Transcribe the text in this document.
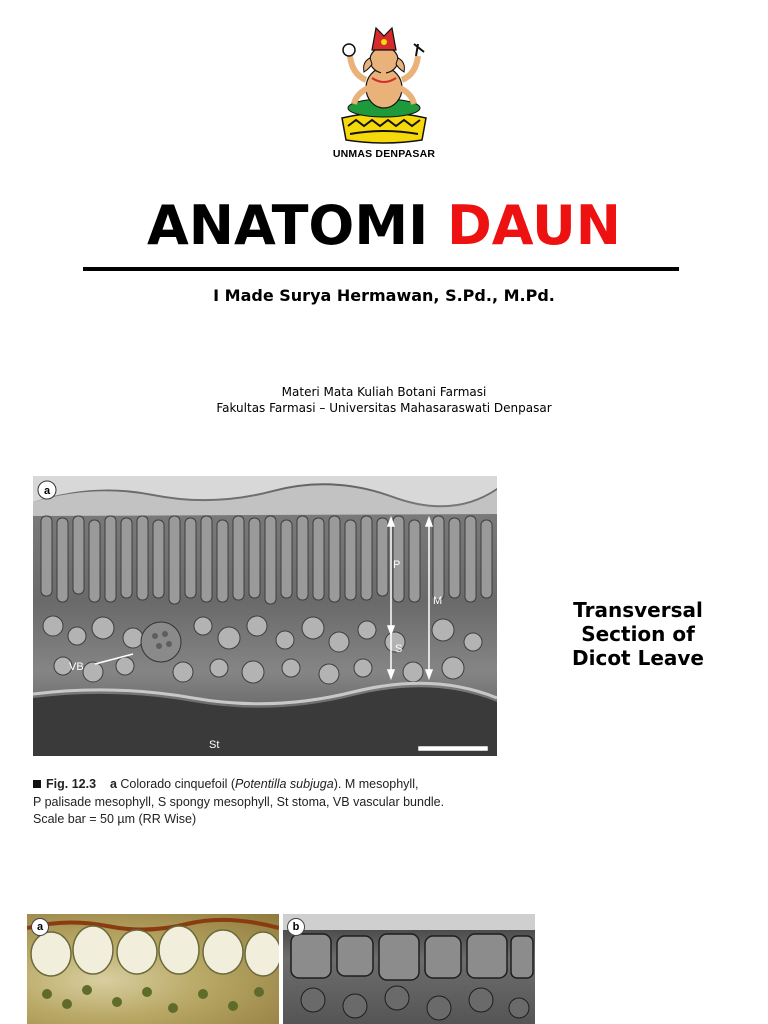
UNMAS DENPASAR
ANATOMI DAUN
I Made Surya Hermawan, S.Pd., M.Pd.
Materi Mata Kuliah Botani Farmasi
Fakultas Farmasi – Universitas Mahasaraswati Denpasar
a
P
M
S
VB
St
Fig. 12.3 a Colorado cinquefoil (Potentilla subjuga). M mesophyll,
P palisade mesophyll, S spongy mesophyll, St stoma, VB vascular bundle.
Scale bar = 50 µm (RR Wise)
Transversal
Section of
Dicot Leave
a	b
